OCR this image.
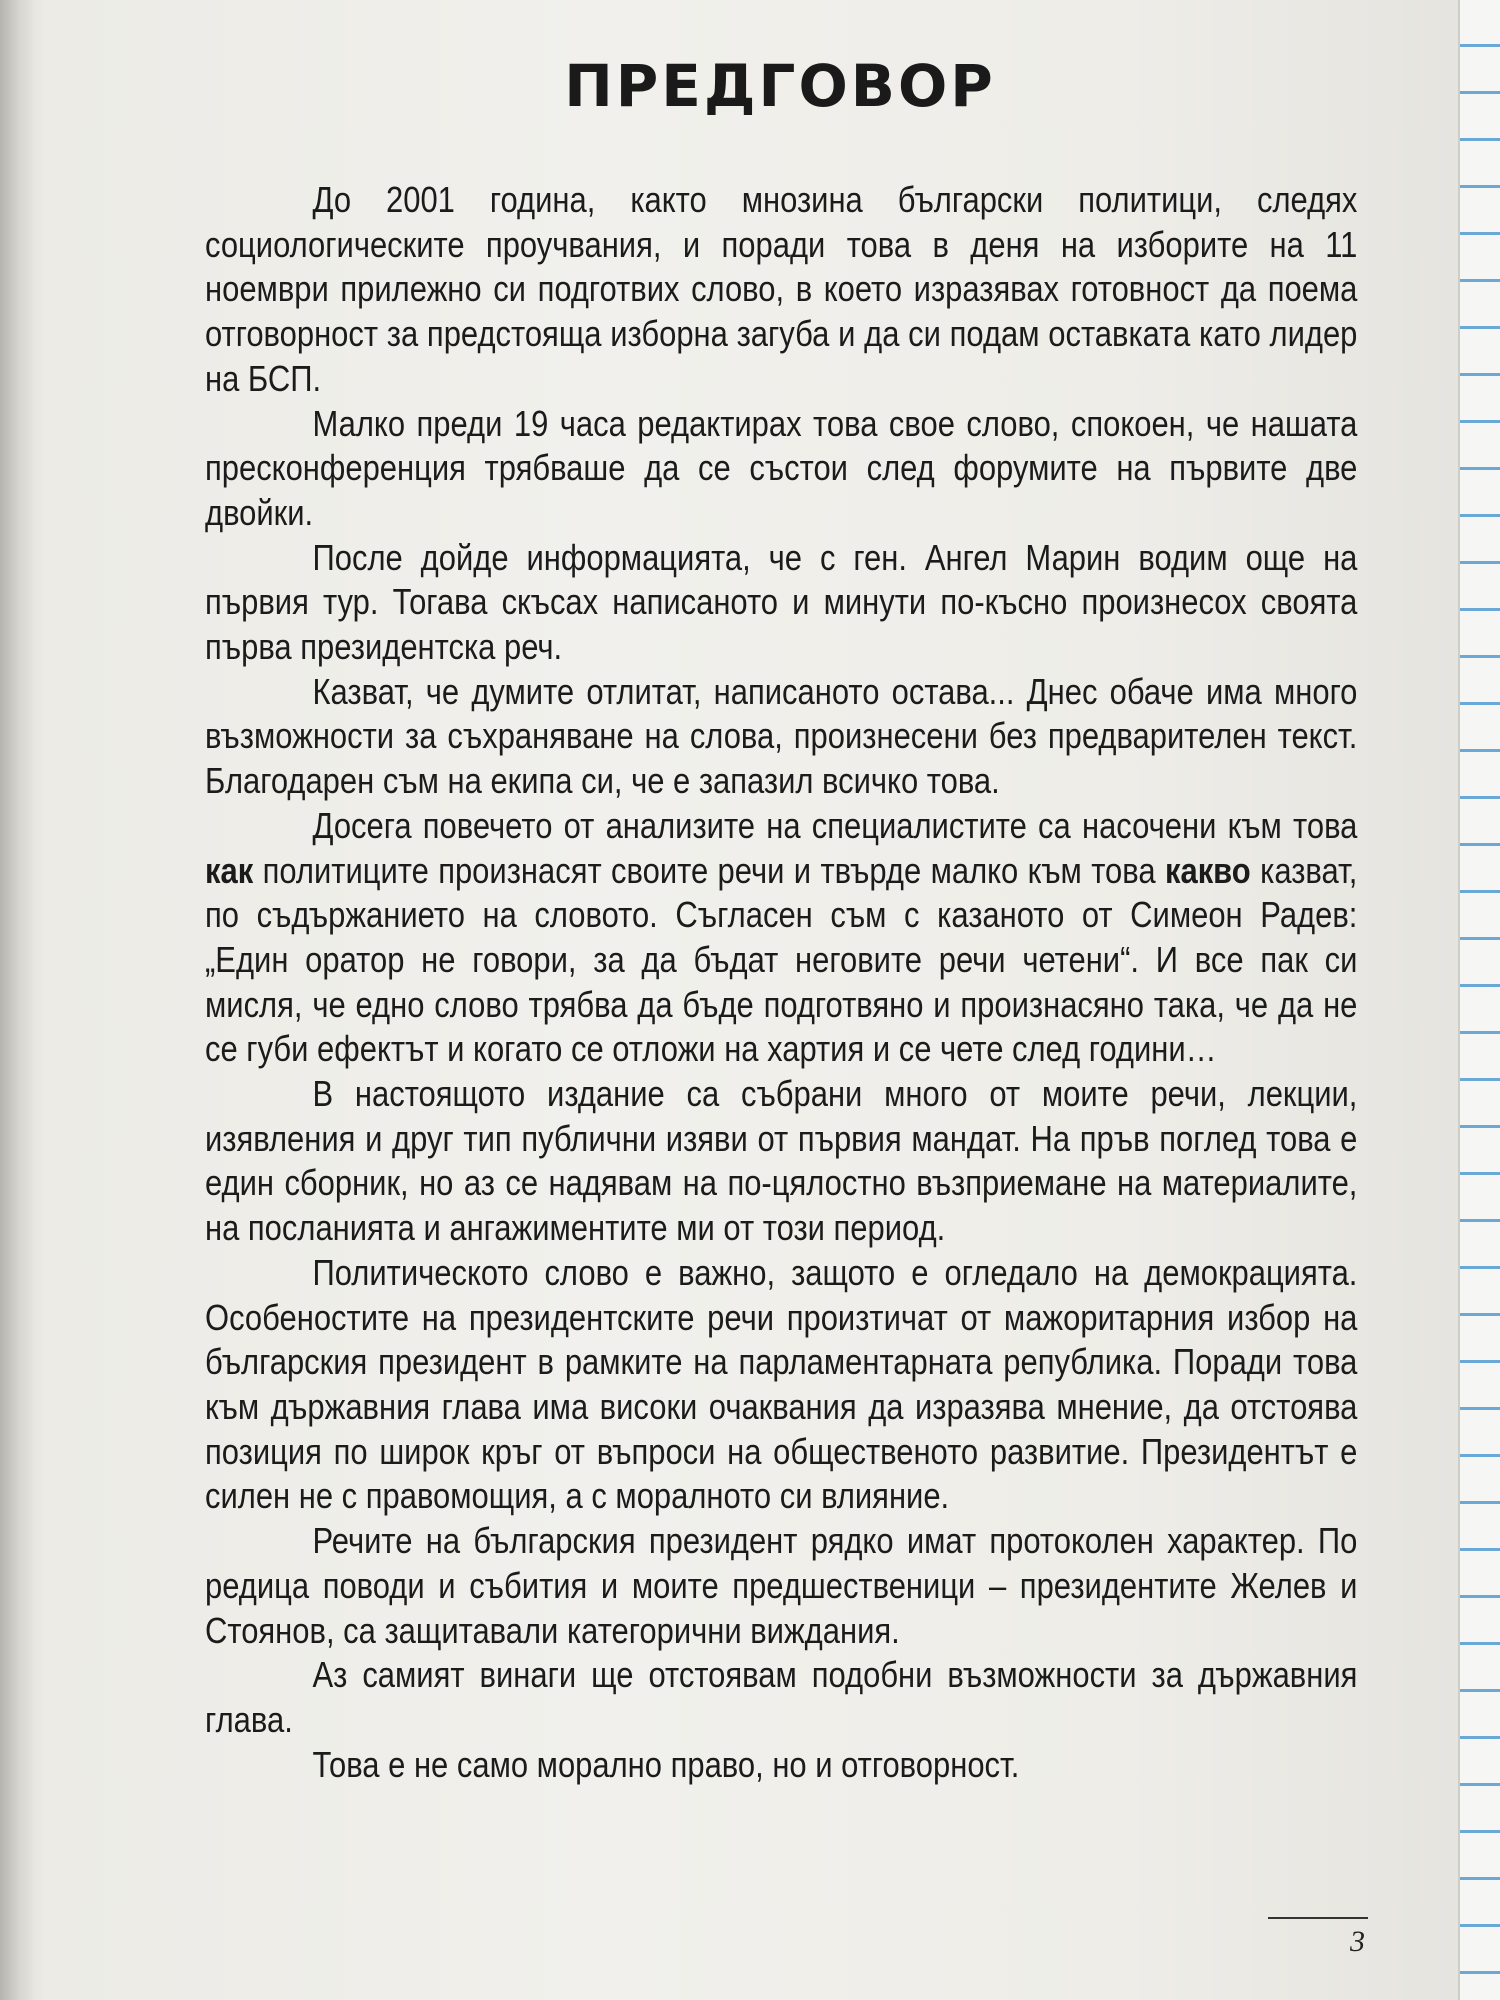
ПРЕДГОВОР

До 2001 година, както мнозина български политици, следях социологическите проучвания, и поради това в деня на изборите на 11 ноември прилежно си подготвих слово, в което изразявах готовност да поема отговорност за предстояща изборна загуба и да си подам оставката като лидер на БСП.

Малко преди 19 часа редактирах това свое слово, спокоен, че нашата пресконференция трябваше да се състои след форумите на първите две двойки.

После дойде информацията, че с ген. Ангел Марин водим още на първия тур. Тогава скъсах написаното и минути по-късно произнесох своята първа президентска реч.

Казват, че думите отлитат, написаното остава... Днес обаче има много възможности за съхраняване на слова, произнесени без предварителен текст. Благодарен съм на екипа си, че е запазил всичко това.

Досега повечето от анализите на специалистите са насочени към това как политиците произнасят своите речи и твърде малко към това какво казват, по съдържанието на словото. Съгласен съм с казаното от Симеон Радев: „Един оратор не говори, за да бъдат неговите речи четени“. И все пак си мисля, че едно слово трябва да бъде подготвяно и произнасяно така, че да не се губи ефектът и когато се отложи на хартия и се чете след години…

В настоящото издание са събрани много от моите речи, лекции, изявления и друг тип публични изяви от първия мандат. На пръв поглед това е един сборник, но аз се надявам на по-цялостно възприемане на материалите, на посланията и ангажиментите ми от този период.

Политическото слово е важно, защото е огледало на демокрацията. Особеностите на президентските речи произтичат от мажоритарния избор на българския президент в рамките на парламентарната република. Поради това към държавния глава има високи очаквания да изразява мнение, да отстоява позиция по широк кръг от въпроси на общественото развитие. Президентът е силен не с правомощия, а с моралното си влияние.

Речите на българския президент рядко имат протоколен характер. По редица поводи и събития и моите предшественици – президентите Желев и Стоянов, са защитавали категорични виждания.

Аз самият винаги ще отстоявам подобни възможности за държавния глава.

Това е не само морално право, но и отговорност.

3
